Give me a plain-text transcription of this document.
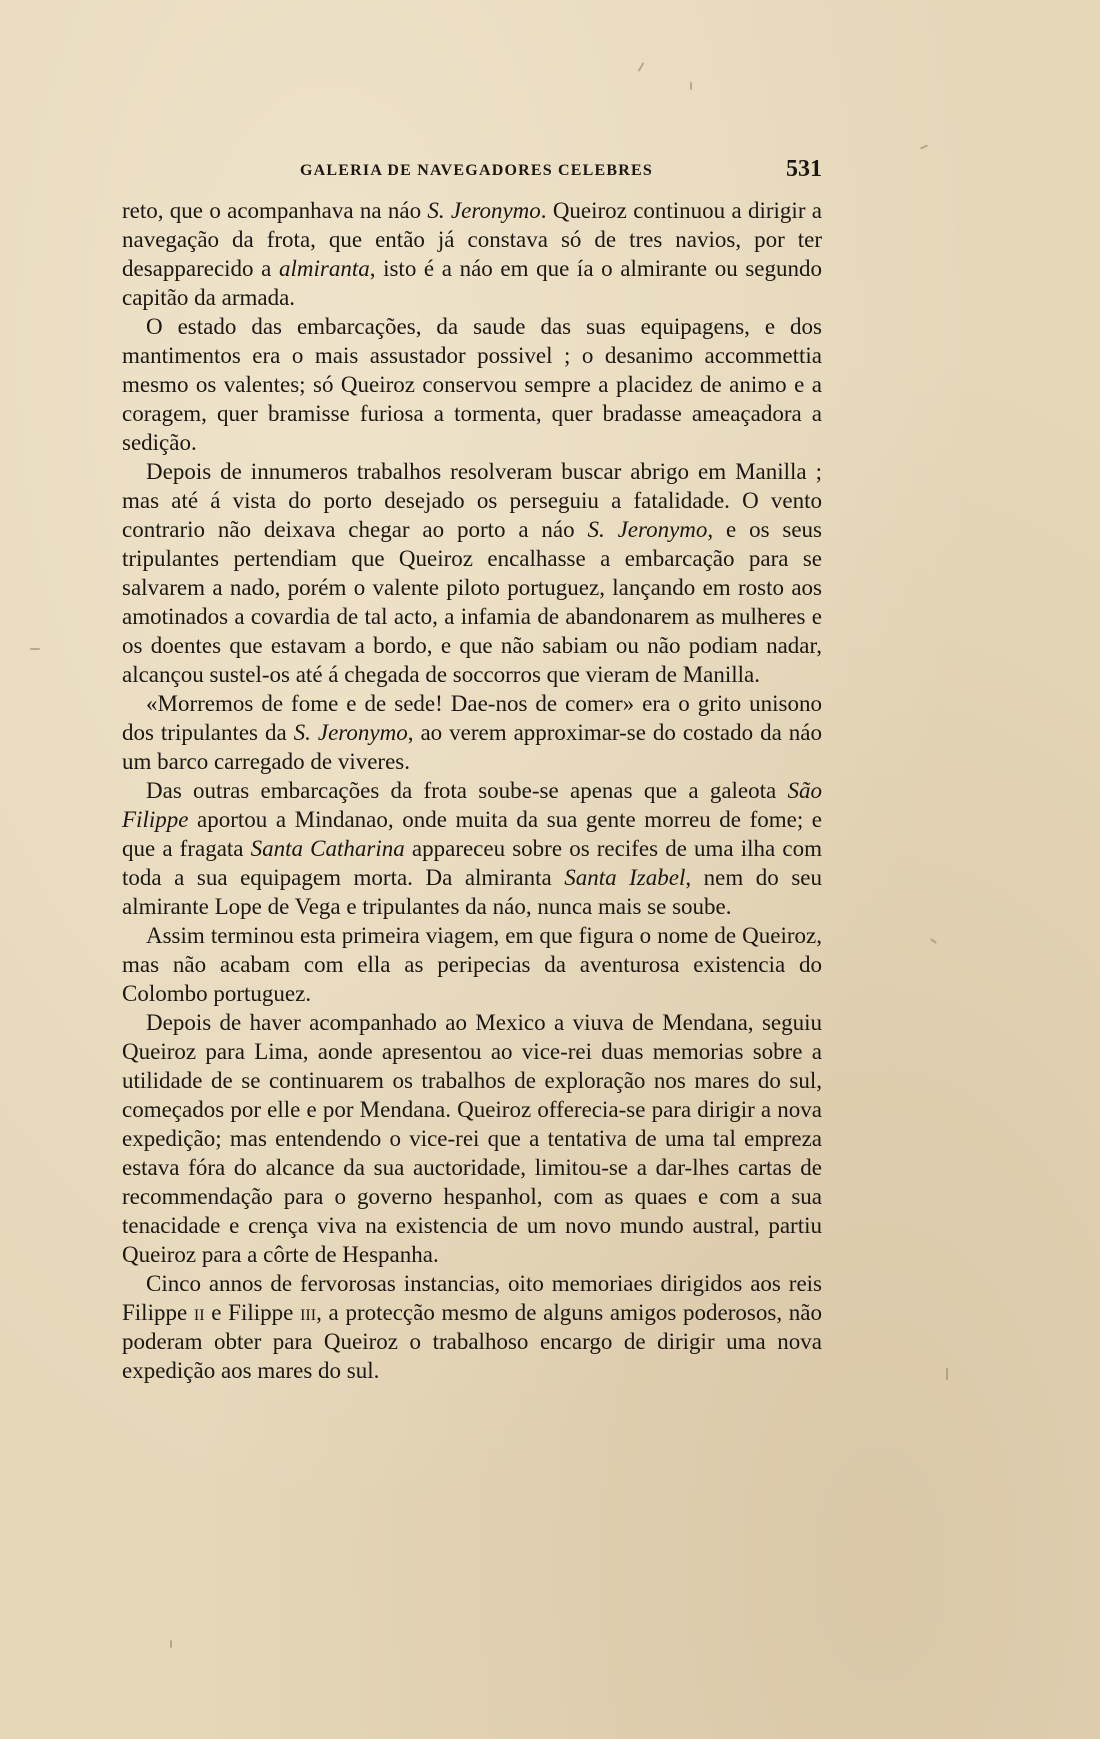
GALERIA DE NAVEGADORES CELEBRES	531

reto, que o acompanhava na náo S. Jeronymo. Queiroz continuou a dirigir a navegação da frota, que então já constava só de tres navios, por ter desapparecido a almiranta, isto é a náo em que ía o almirante ou segundo capitão da armada.

O estado das embarcações, da saude das suas equipagens, e dos mantimentos era o mais assustador possivel ; o desanimo accommettia mesmo os valentes; só Queiroz conservou sempre a placidez de animo e a coragem, quer bramisse furiosa a tormenta, quer bradasse ameaçadora a sedição.

Depois de innumeros trabalhos resolveram buscar abrigo em Manilla ; mas até á vista do porto desejado os perseguiu a fatalidade. O vento contrario não deixava chegar ao porto a náo S. Jeronymo, e os seus tripulantes pertendiam que Queiroz encalhasse a embarcação para se salvarem a nado, porém o valente piloto portuguez, lançando em rosto aos amotinados a covardia de tal acto, a infamia de abandonarem as mulheres e os doentes que estavam a bordo, e que não sabiam ou não podiam nadar, alcançou sustel-os até á chegada de soccorros que vieram de Manilla.

«Morremos de fome e de sede! Dae-nos de comer» era o grito unisono dos tripulantes da S. Jeronymo, ao verem approximar-se do costado da náo um barco carregado de viveres.

Das outras embarcações da frota soube-se apenas que a galeota São Filippe aportou a Mindanao, onde muita da sua gente morreu de fome; e que a fragata Santa Catharina appareceu sobre os recifes de uma ilha com toda a sua equipagem morta. Da almiranta Santa Izabel, nem do seu almirante Lope de Vega e tripulantes da náo, nunca mais se soube.

Assim terminou esta primeira viagem, em que figura o nome de Queiroz, mas não acabam com ella as peripecias da aventurosa existencia do Colombo portuguez.

Depois de haver acompanhado ao Mexico a viuva de Mendana, seguiu Queiroz para Lima, aonde apresentou ao vice-rei duas memorias sobre a utilidade de se continuarem os trabalhos de exploração nos mares do sul, começados por elle e por Mendana. Queiroz offerecia-se para dirigir a nova expedição; mas entendendo o vice-rei que a tentativa de uma tal empreza estava fóra do alcance da sua auctoridade, limitou-se a dar-lhes cartas de recommendação para o governo hespanhol, com as quaes e com a sua tenacidade e crença viva na existencia de um novo mundo austral, partiu Queiroz para a côrte de Hespanha.

Cinco annos de fervorosas instancias, oito memoriaes dirigidos aos reis Filippe ii e Filippe iii, a protecção mesmo de alguns amigos poderosos, não poderam obter para Queiroz o trabalhoso encargo de dirigir uma nova expedição aos mares do sul.
